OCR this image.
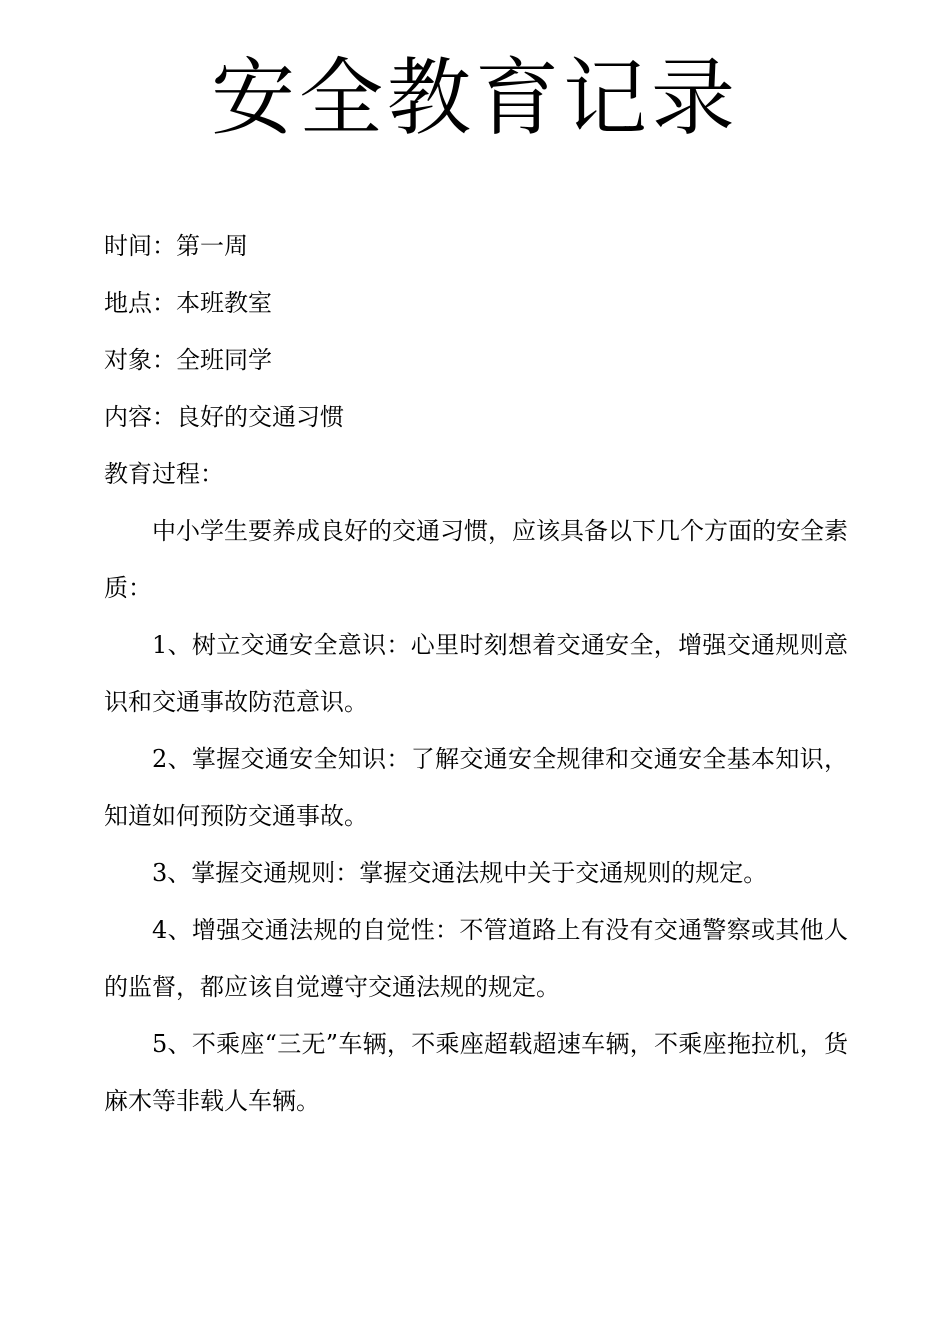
安全教育记录
时间：第一周
地点：本班教室
对象：全班同学
内容：良好的交通习惯
教育过程：

中小学生要养成良好的交通习惯，应该具备以下几个方面的安全素质：

1、树立交通安全意识：心里时刻想着交通安全，增强交通规则意识和交通事故防范意识。

2、掌握交通安全知识：了解交通安全规律和交通安全基本知识，知道如何预防交通事故。

3、掌握交通规则：掌握交通法规中关于交通规则的规定。

4、增强交通法规的自觉性：不管道路上有没有交通警察或其他人的监督，都应该自觉遵守交通法规的规定。

5、不乘座“三无”车辆，不乘座超载超速车辆，不乘座拖拉机，货麻木等非载人车辆。
